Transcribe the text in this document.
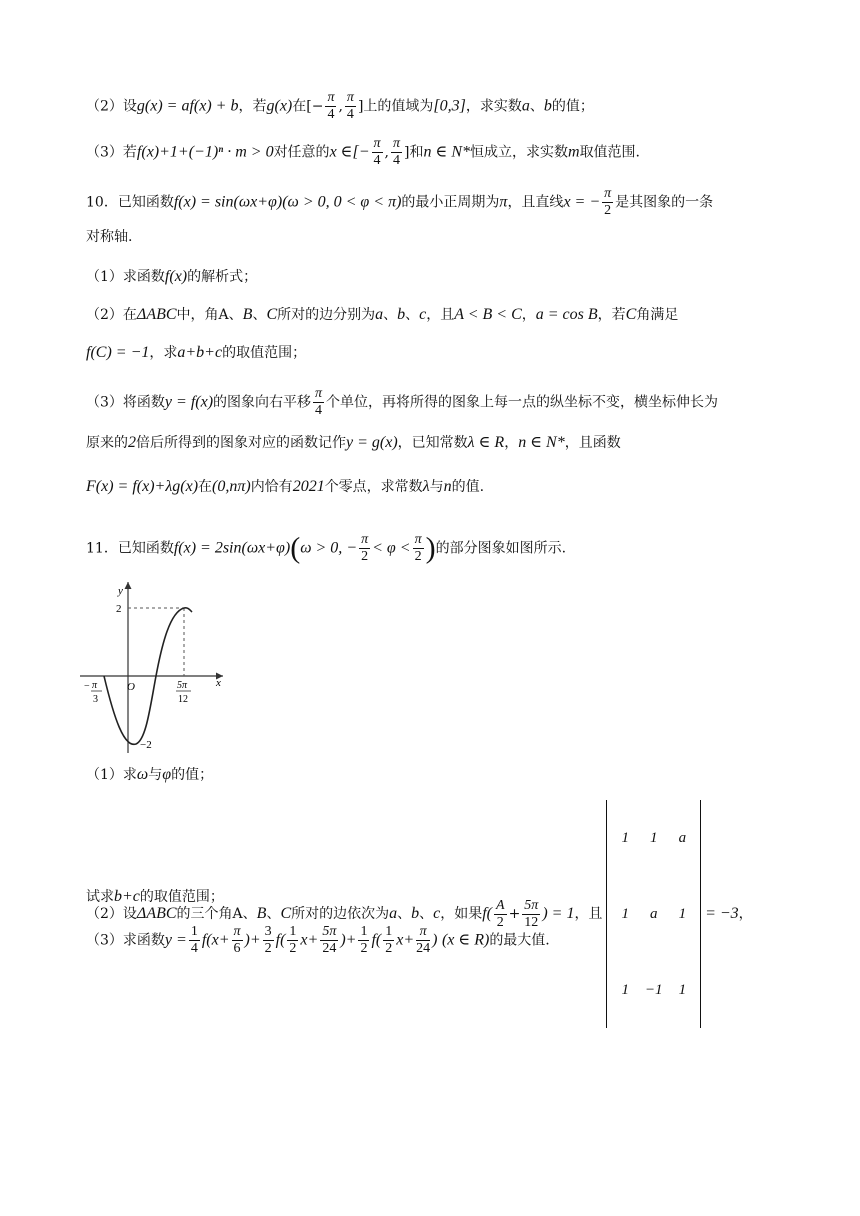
（2）设g(x) = af(x) + b，若g(x)在[− $\frac{\pi}{4}$ , $\frac{\pi}{4}$ ]上的值域为[0,3]，求实数a、b的值；
（3）若f(x)+1+(−1)ⁿ · m > 0对任意的x ∈[− $\frac{\pi}{4}$ , $\frac{\pi}{4}$ ]和n ∈ N*恒成立，求实数m取值范围.
10．已知函数f(x) = sin(ωx+φ)(ω > 0, 0 < φ < π)的最小正周期为π，且直线x = − $\frac{\pi}{2}$ 是其图象的一条
对称轴.
（1）求函数f(x)的解析式；
（2）在ΔABC中，角A、B、C所对的边分别为a、b、c，且A < B < C，a = cos B，若C角满足
f(C) = −1，求a+b+c的取值范围；
（3）将函数y = f(x)的图象向右平移 $\frac{\pi}{4}$ 个单位，再将所得的图象上每一点的纵坐标不变，横坐标伸长为
原来的2倍后所得到的图象对应的函数记作y = g(x)，已知常数λ ∈ R，n ∈ N*，且函数
F(x) = f(x)+λg(x)在(0,nπ)内恰有2021个零点，求常数λ与n的值.
11．已知函数f(x) = 2sin(ωx+φ)(ω > 0, − $\frac{\pi}{2} < \varphi < \frac{\pi}{2}$ )的部分图象如图所示.
y
x
O
2
−2
− π
3
5π
12
（1）求ω与φ的值；
（2）设ΔABC的三个角A、B、C所对的边依次为a、b、c，如果$f( \frac{A}{2} + \frac{5\pi}{12}$ ) = 1，且
1	1	a
1	a	1
1	−1	1
= −3，
试求b+c的取值范围；
（3）求函数$y = \frac{1}{4} f(x+ \frac{\pi}{6}$ )+ $\frac{3}{2} f( \frac{1}{2} x+ \frac{5\pi}{24}$ )+ $\frac{1}{2} f( \frac{1}{2} x+ \frac{\pi}{24}$ ) (x ∈ R)的最大值.
